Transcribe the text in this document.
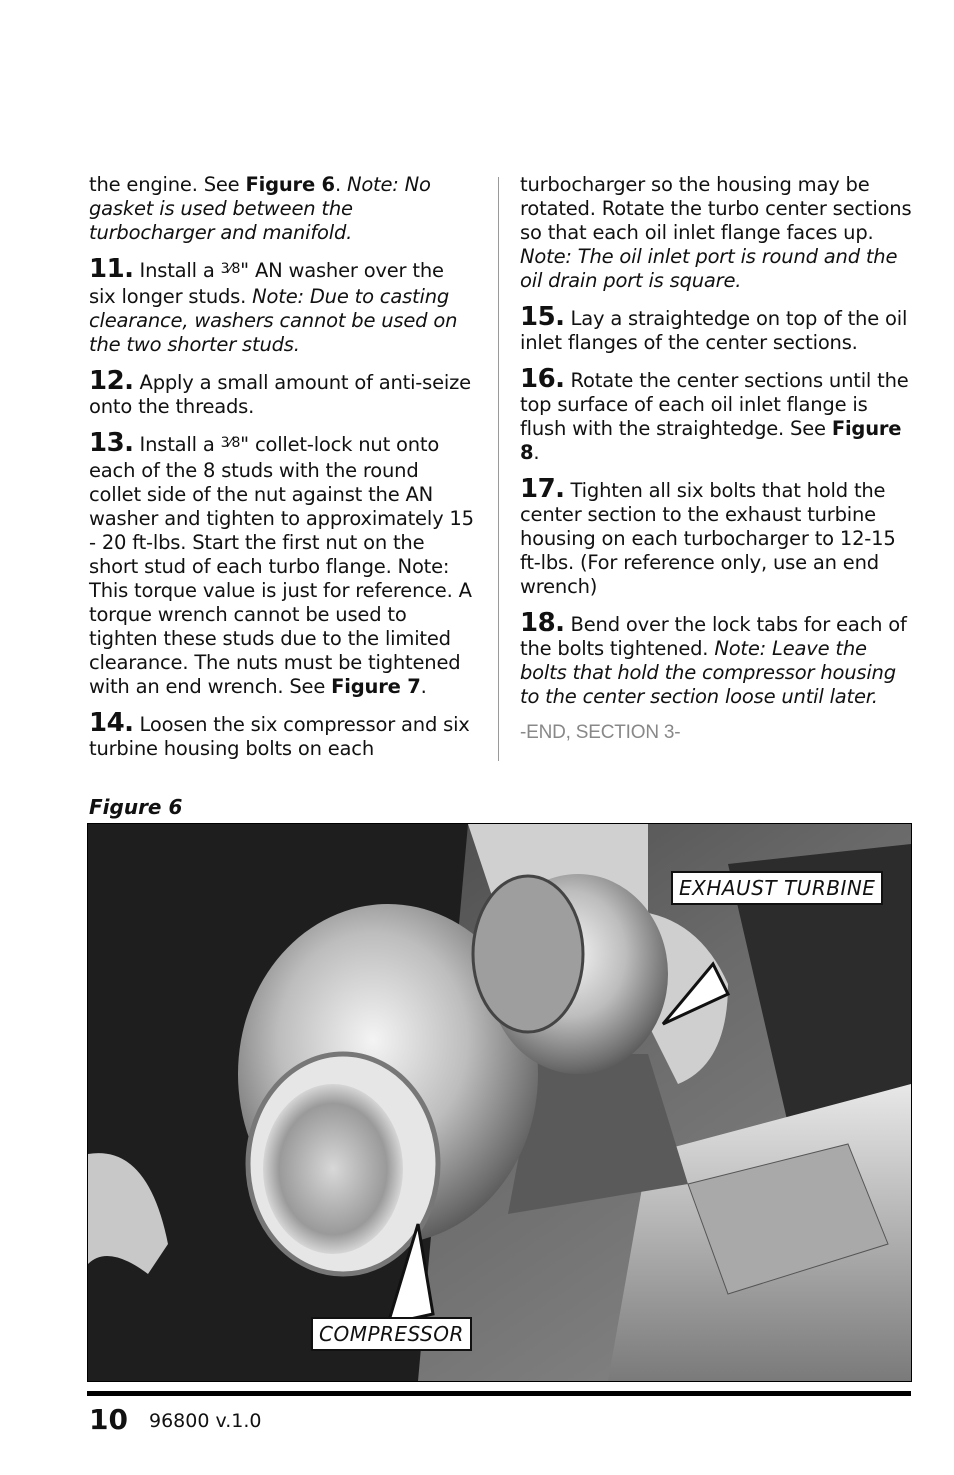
the engine. See Figure 6. Note: No gasket is used between the turbocharger and manifold.

11. Install a $^{3⁄8}$" AN washer over the six longer studs. Note: Due to casting clearance, washers cannot be used on the two shorter studs.

12. Apply a small amount of anti-seize onto the threads.

13. Install a $^{3⁄8}$" collet-lock nut onto each of the 8 studs with the round collet side of the nut against the AN washer and tighten to approximately 15 - 20 ft-lbs. Start the first nut on the short stud of each turbo flange. Note: This torque value is just for reference. A torque wrench cannot be used to tighten these studs due to the limited clearance. The nuts must be tightened with an end wrench. See Figure 7.

14. Loosen the six compressor and six turbine housing bolts on each

turbocharger so the housing may be rotated. Rotate the turbo center sections so that each oil inlet flange faces up. Note: The oil inlet port is round and the oil drain port is square.

15. Lay a straightedge on top of the oil inlet flanges of the center sections.

16. Rotate the center sections until the top surface of each oil inlet flange is flush with the straightedge. See Figure 8.

17. Tighten all six bolts that hold the center section to the exhaust turbine housing on each turbocharger to 12-15 ft-lbs. (For reference only, use an end wrench)

18. Bend over the lock tabs for each of the bolts tightened. Note: Leave the bolts that hold the compressor housing to the center section loose until later.

-END, SECTION 3-
Figure 6
EXHAUST TURBINE
COMPRESSOR
10 96800 v.1.0
